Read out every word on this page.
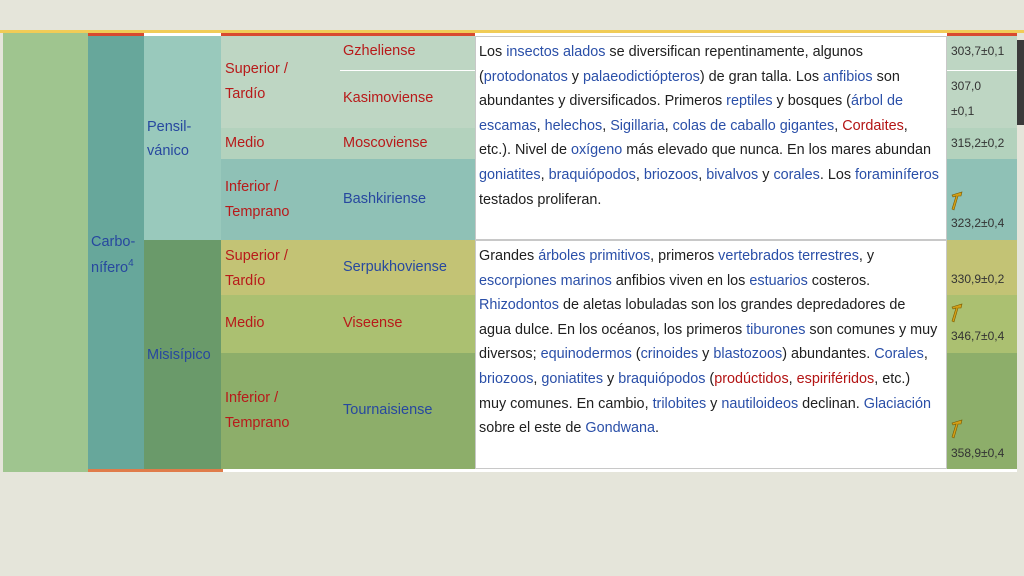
Carbo-
nífero$^4$
Pensil-
vánico
Misisípico
Superior /
Tardío
Medio
Inferior /
Temprano
Superior /
Tardío
Medio
Inferior /
Temprano
Gzheliense
Kasimoviense
Moscoviense
Bashkiriense
Serpukhoviense
Viseense
Tournaisiense
Los insectos alados se diversifican repentinamente, algunos (protodonatos y palaeodictiópteros) de gran talla. Los anfibios son abundantes y diversificados. Primeros reptiles y bosques (árbol de escamas, helechos, Sigillaria, colas de caballo gigantes, Cordaites, etc.). Nivel de oxígeno más elevado que nunca. En los mares abundan goniatites, braquiópodos, briozoos, bivalvos y corales. Los foraminíferos testados proliferan.
Grandes árboles primitivos, primeros vertebrados terrestres, y escorpiones marinos anfibios viven en los estuarios costeros. Rhizodontos de aletas lobuladas son los grandes depredadores de agua dulce. En los océanos, los primeros tiburones son comunes y muy diversos; equinodermos (crinoides y blastozoos) abundantes. Corales, briozoos, goniatites y braquiópodos (prodúctidos, espiriféridos, etc.) muy comunes. En cambio, trilobites y nautiloideos declinan. Glaciación sobre el este de Gondwana.
303,7±0,1
307,0
±0,1
315,2±0,2
323,2±0,4
330,9±0,2
346,7±0,4
358,9±0,4
